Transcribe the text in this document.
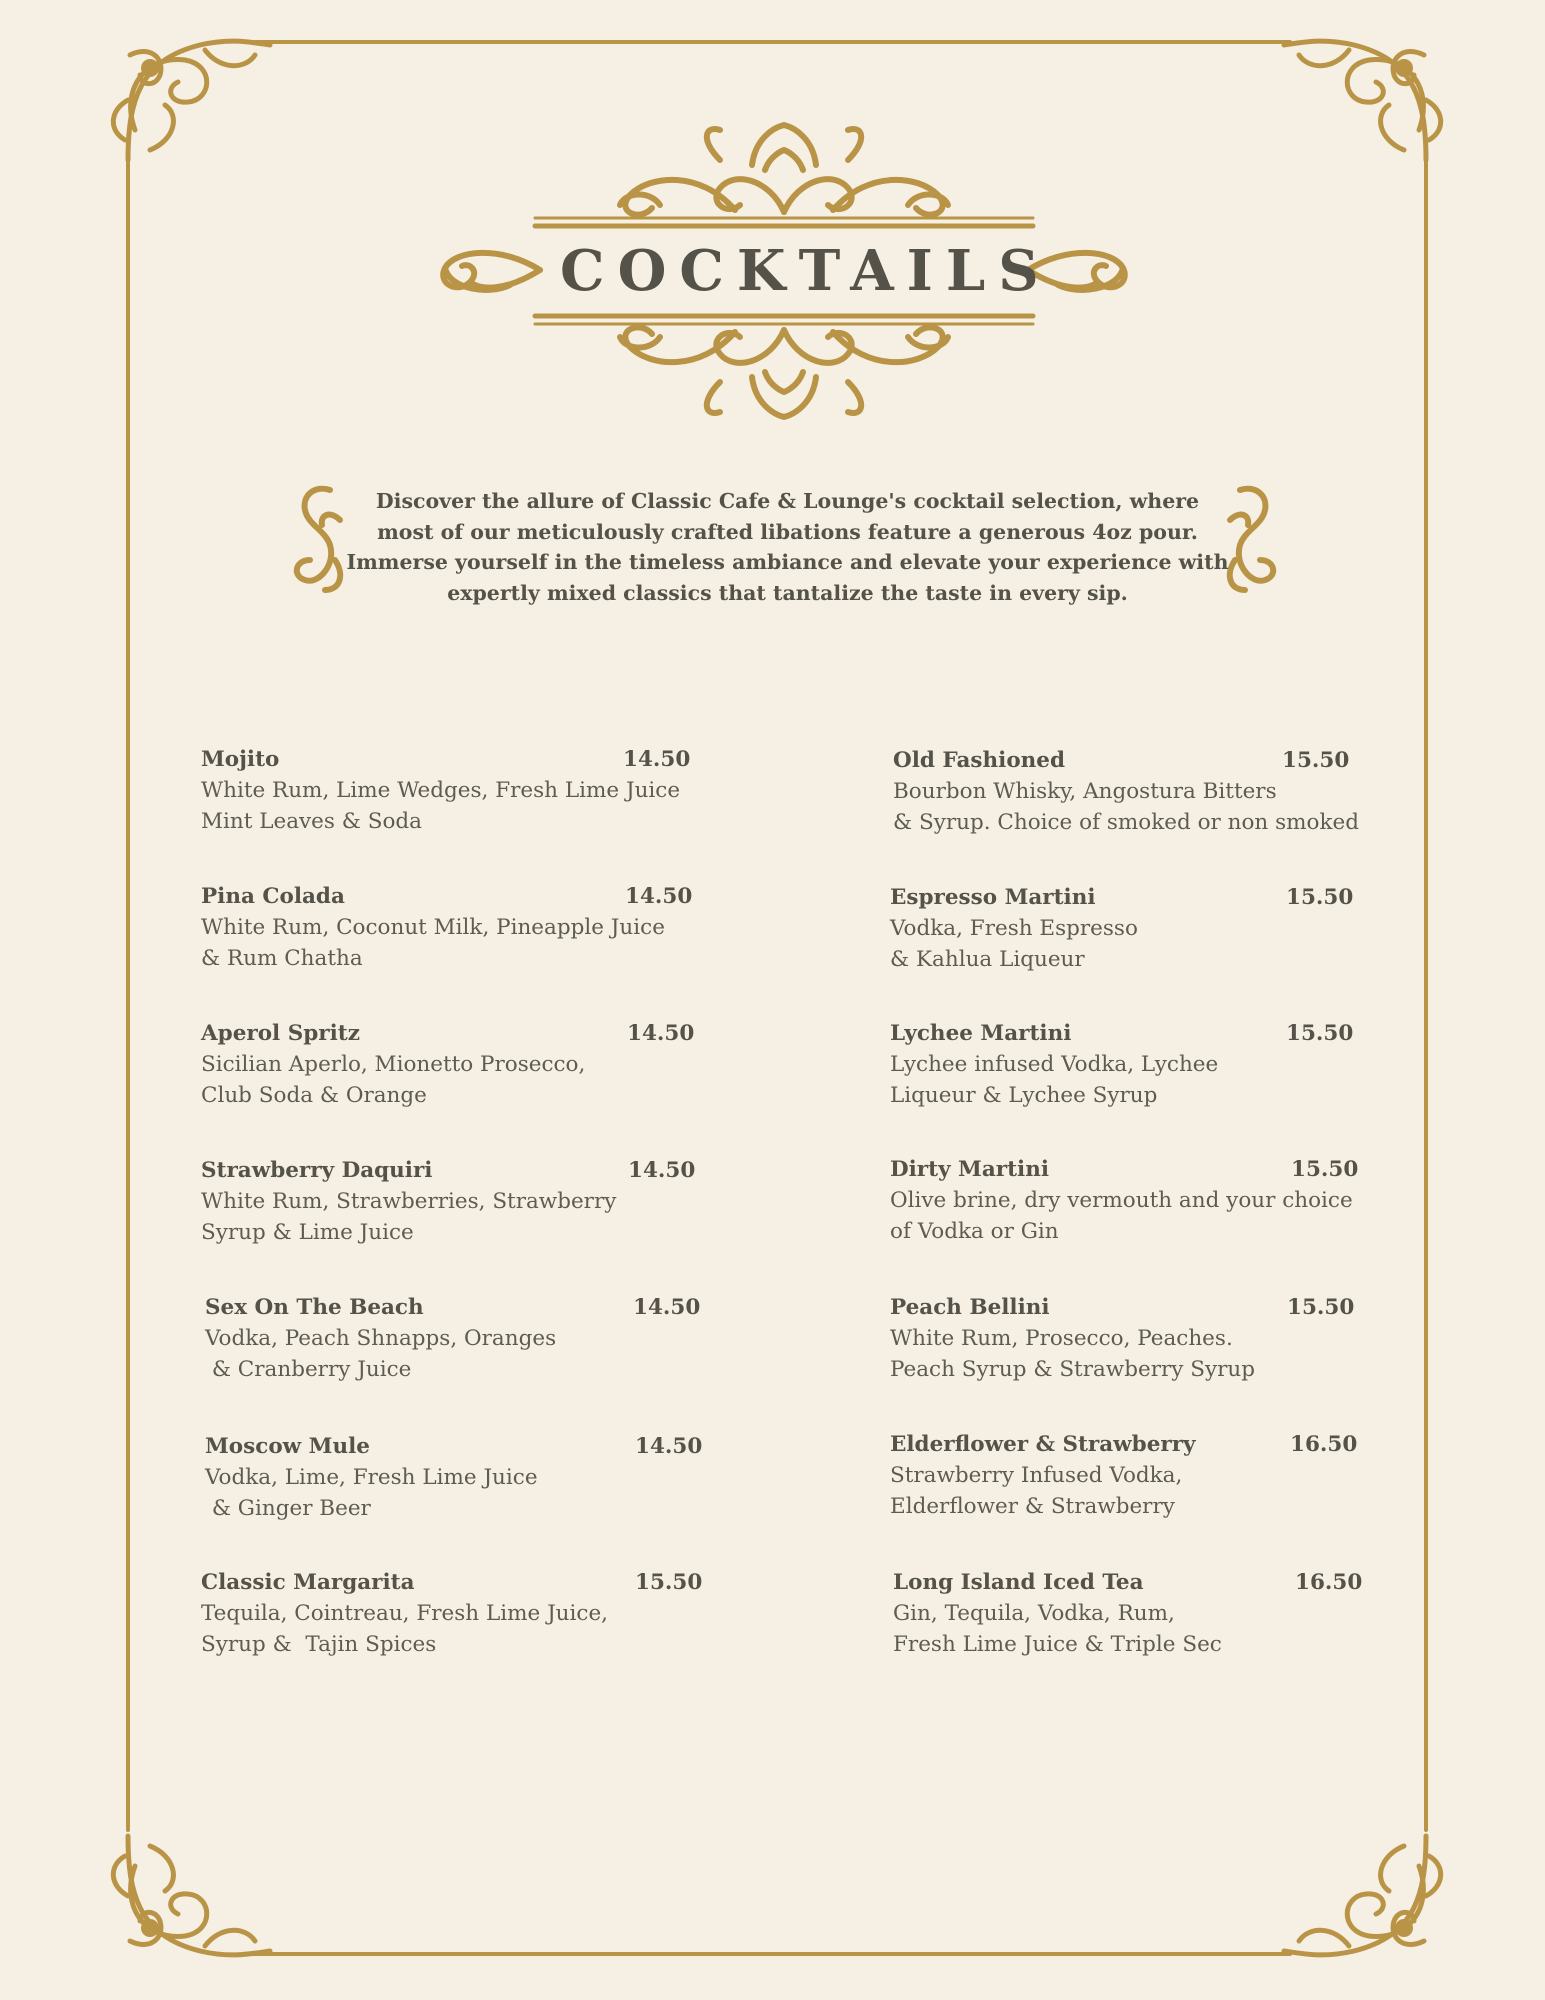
COCKTAILS
Discover the allure of Classic Cafe & Lounge's cocktail selection, where most of our meticulously crafted libations feature a generous 4oz pour. Immerse yourself in the timeless ambiance and elevate your experience with expertly mixed classics that tantalize the taste in every sip.
Mojito	14.50
White Rum, Lime Wedges, Fresh Lime Juice
Mint Leaves & Soda
Pina Colada	14.50
White Rum, Coconut Milk, Pineapple Juice
& Rum Chatha
Aperol Spritz	14.50
Sicilian Aperlo, Mionetto Prosecco,
Club Soda & Orange
Strawberry Daquiri	14.50
White Rum, Strawberries, Strawberry
Syrup & Lime Juice
Sex On The Beach	14.50
Vodka, Peach Shnapps, Oranges
& Cranberry Juice
Moscow Mule	14.50
Vodka, Lime, Fresh Lime Juice
& Ginger Beer
Classic Margarita	15.50
Tequila, Cointreau, Fresh Lime Juice,
Syrup &  Tajin Spices
Old Fashioned	15.50
Bourbon Whisky, Angostura Bitters
& Syrup. Choice of smoked or non smoked
Espresso Martini	15.50
Vodka, Fresh Espresso
& Kahlua Liqueur
Lychee Martini	15.50
Lychee infused Vodka, Lychee
Liqueur & Lychee Syrup
Dirty Martini	15.50
Olive brine, dry vermouth and your choice
of Vodka or Gin
Peach Bellini	15.50
White Rum, Prosecco, Peaches.
Peach Syrup & Strawberry Syrup
Elderflower & Strawberry	16.50
Strawberry Infused Vodka,
Elderflower & Strawberry
Long Island Iced Tea	16.50
Gin, Tequila, Vodka, Rum,
Fresh Lime Juice & Triple Sec
